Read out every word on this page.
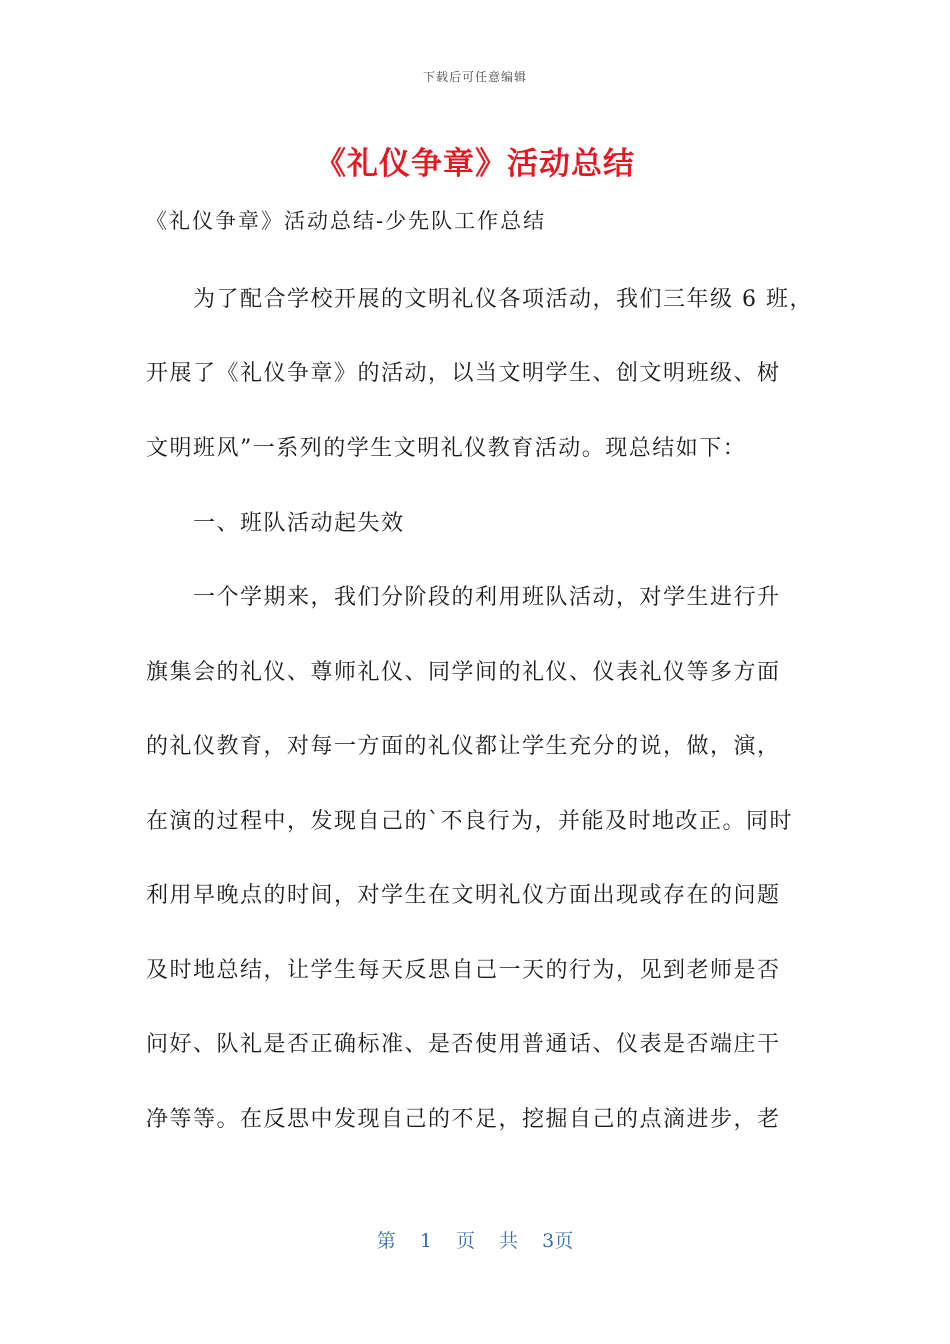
下载后可任意编辑
《礼仪争章》活动总结
《礼仪争章》活动总结-少先队工作总结
为了配合学校开展的文明礼仪各项活动，我们三年级 6 班，
开展了《礼仪争章》的活动，以当文明学生、创文明班级、树
文明班风”一系列的学生文明礼仪教育活动。现总结如下：
一、班队活动起失效
一个学期来，我们分阶段的利用班队活动，对学生进行升
旗集会的礼仪、尊师礼仪、同学间的礼仪、仪表礼仪等多方面
的礼仪教育，对每一方面的礼仪都让学生充分的说，做，演，
在演的过程中，发现自己的`不良行为，并能及时地改正。同时
利用早晚点的时间，对学生在文明礼仪方面出现或存在的问题
及时地总结，让学生每天反思自己一天的行为，见到老师是否
问好、队礼是否正确标准、是否使用普通话、仪表是否端庄干
净等等。在反思中发现自己的不足，挖掘自己的点滴进步，老
第 1 页 共 3页
